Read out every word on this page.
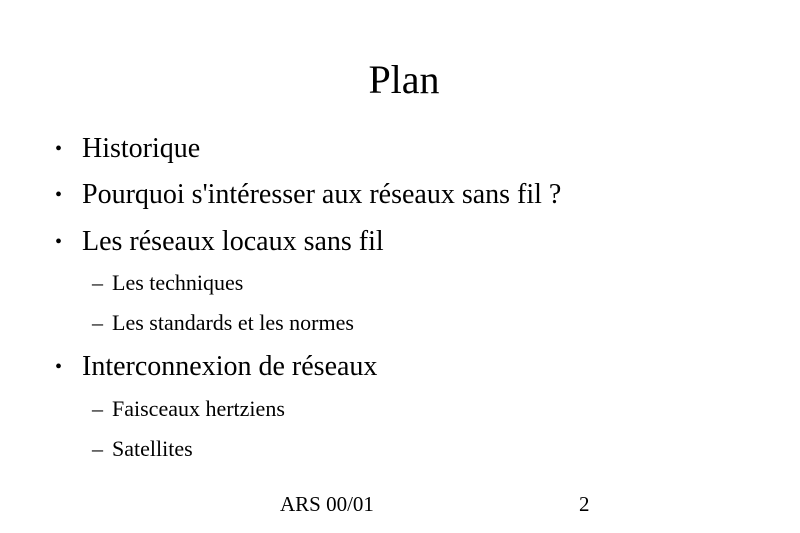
Plan
• Historique
• Pourquoi s'intéresser aux réseaux sans fil ?
• Les réseaux locaux sans fil
– Les techniques
– Les standards et les normes
• Interconnexion de réseaux
– Faisceaux hertziens
– Satellites
ARS 00/01	2
